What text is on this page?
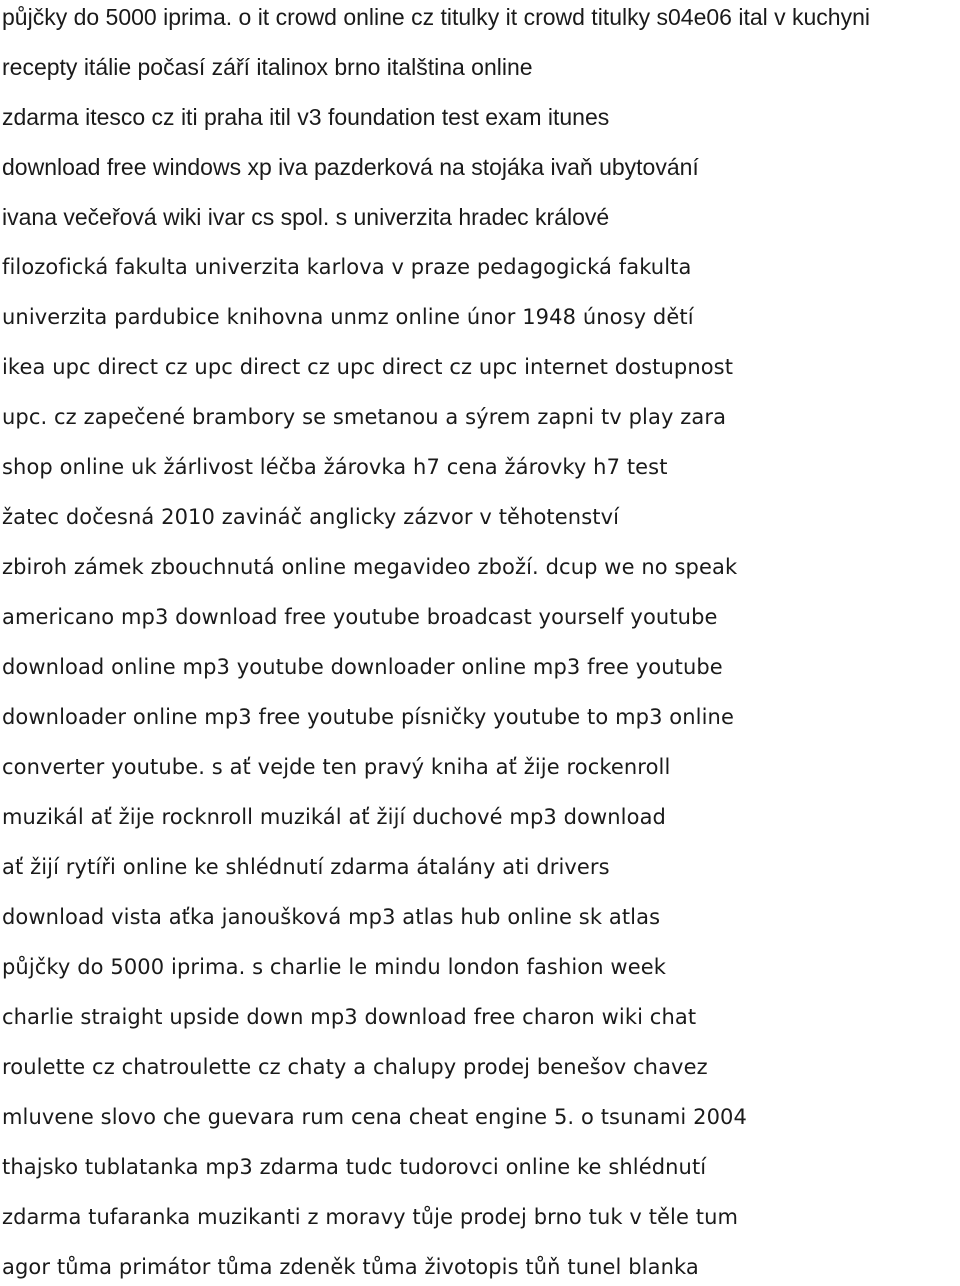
půjčky do 5000 iprima. o it crowd online cz titulky it crowd titulky s04e06 ital v kuchyni
recepty itálie počasí září italinox brno italština online
zdarma itesco cz iti praha itil v3 foundation test exam itunes
download free windows xp iva pazderková na stojáka ivaň ubytování
ivana večeřová wiki ivar cs spol. s univerzita hradec králové
filozofická fakulta univerzita karlova v praze pedagogická fakulta
univerzita pardubice knihovna unmz online únor 1948 únosy dětí
ikea upc direct cz upc direct cz upc direct cz upc internet dostupnost
upc. cz zapečené brambory se smetanou a sýrem zapni tv play zara
shop online uk žárlivost léčba žárovka h7 cena žárovky h7 test
žatec dočesná 2010 zavináč anglicky zázvor v těhotenství
zbiroh zámek zbouchnutá online megavideo zboží. dcup we no speak
americano mp3 download free youtube broadcast yourself youtube
download online mp3 youtube downloader online mp3 free youtube
downloader online mp3 free youtube písničky youtube to mp3 online
converter youtube. s ať vejde ten pravý kniha ať žije rockenroll
muzikál ať žije rocknroll muzikál ať žijí duchové mp3 download
ať žijí rytíři online ke shlédnutí zdarma átalány ati drivers
download vista aťka janoušková mp3 atlas hub online sk atlas
půjčky do 5000 iprima. s charlie le mindu london fashion week
charlie straight upside down mp3 download free charon wiki chat
roulette cz chatroulette cz chaty a chalupy prodej benešov chavez
mluvene slovo che guevara rum cena cheat engine 5. o tsunami 2004
thajsko tublatanka mp3 zdarma tudc tudorovci online ke shlédnutí
zdarma tufaranka muzikanti z moravy tůje prodej brno tuk v těle tum
agor tůma primátor tůma zdeněk tůma životopis tůň tunel blanka
